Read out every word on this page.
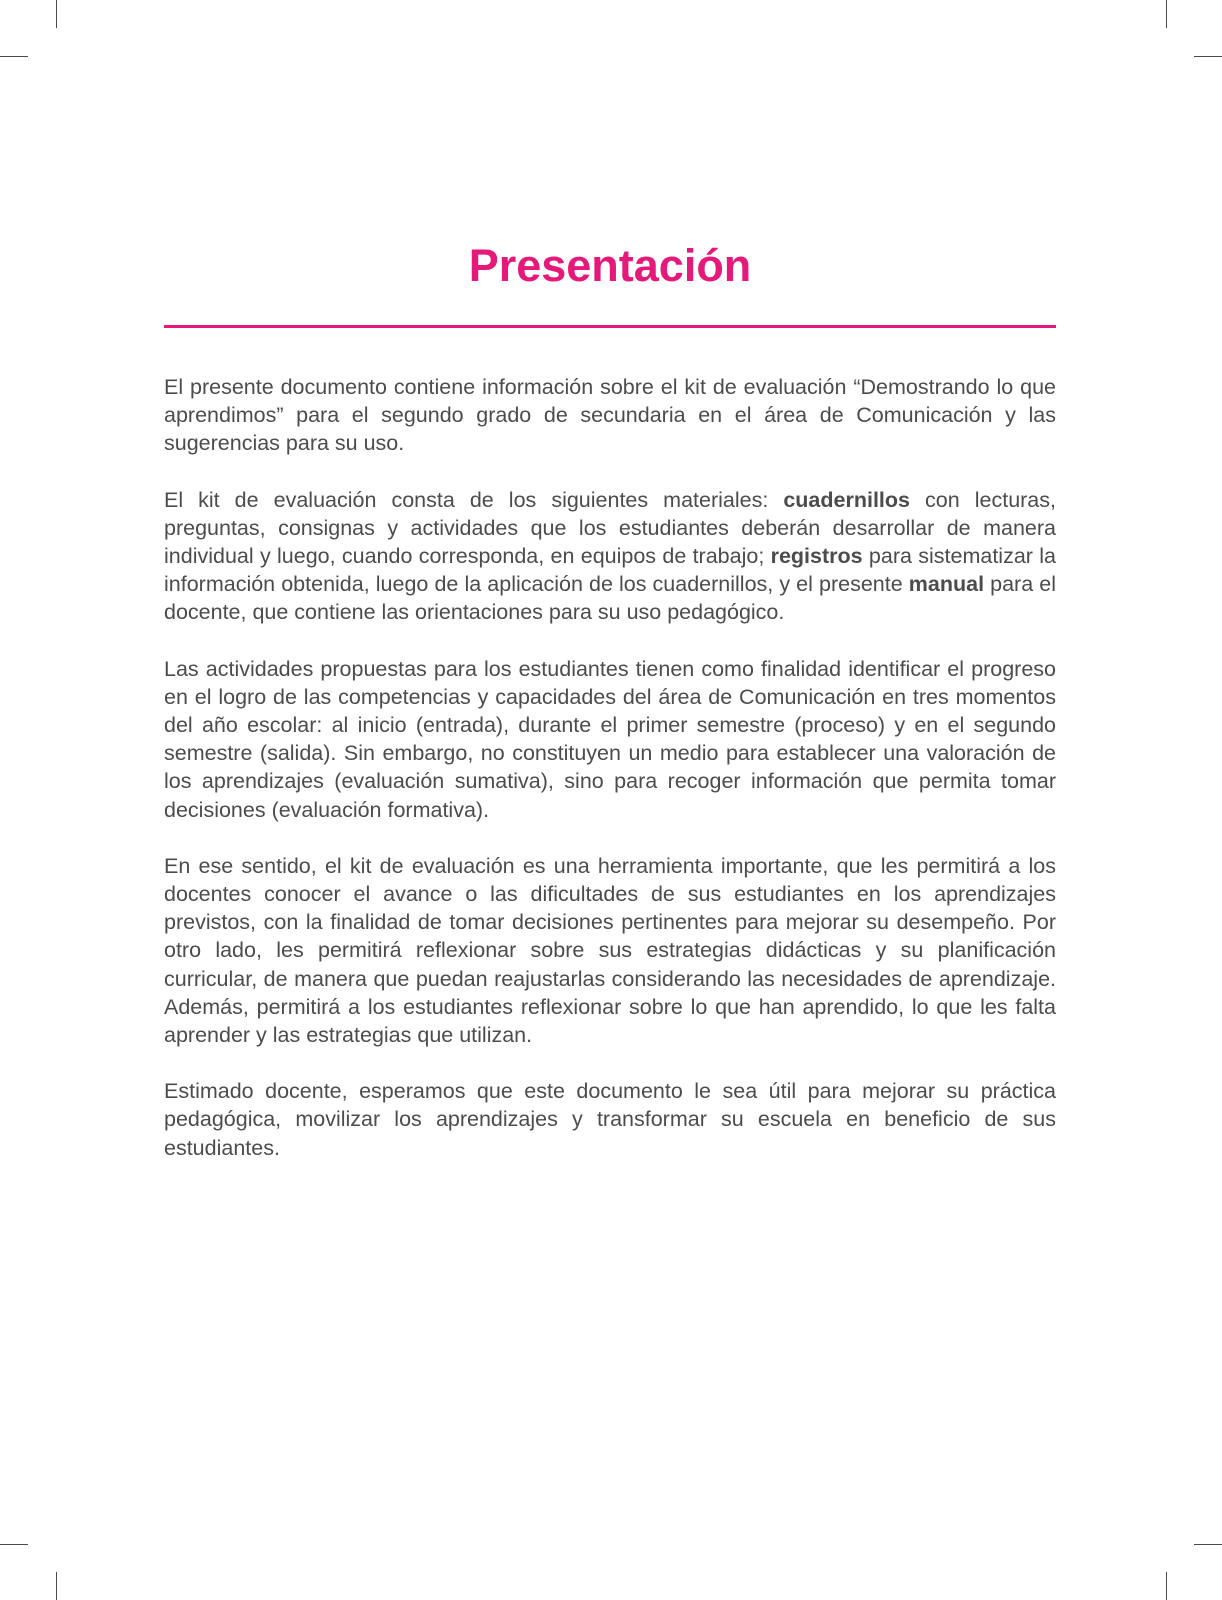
Presentación

El presente documento contiene información sobre el kit de evaluación “Demostrando lo que aprendimos” para el segundo grado de secundaria en el área de Comunicación y las sugerencias para su uso.

El kit de evaluación consta de los siguientes materiales: cuadernillos con lecturas, preguntas, consignas y actividades que los estudiantes deberán desarrollar de manera individual y luego, cuando corresponda, en equipos de trabajo; registros para sistematizar la información obtenida, luego de la aplicación de los cuadernillos, y el presente manual para el docente, que contiene las orientaciones para su uso pedagógico.

Las actividades propuestas para los estudiantes tienen como finalidad identificar el progreso en el logro de las competencias y capacidades del área de Comunicación en tres momentos del año escolar: al inicio (entrada), durante el primer semestre (proceso) y en el segundo semestre (salida). Sin embargo, no constituyen un medio para establecer una valoración de los aprendizajes (evaluación sumativa), sino para recoger información que permita tomar decisiones (evaluación formativa).

En ese sentido, el kit de evaluación es una herramienta importante, que les permitirá a los docentes conocer el avance o las dificultades de sus estudiantes en los aprendizajes previstos, con la finalidad de tomar decisiones pertinentes para mejorar su desempeño. Por otro lado, les permitirá reflexionar sobre sus estrategias didácticas y su planificación curricular, de manera que puedan reajustarlas considerando las necesidades de aprendizaje. Además, permitirá a los estudiantes reflexionar sobre lo que han aprendido, lo que les falta aprender y las estrategias que utilizan.

Estimado docente, esperamos que este documento le sea útil para mejorar su práctica pedagógica, movilizar los aprendizajes y transformar su escuela en beneficio de sus estudiantes.
